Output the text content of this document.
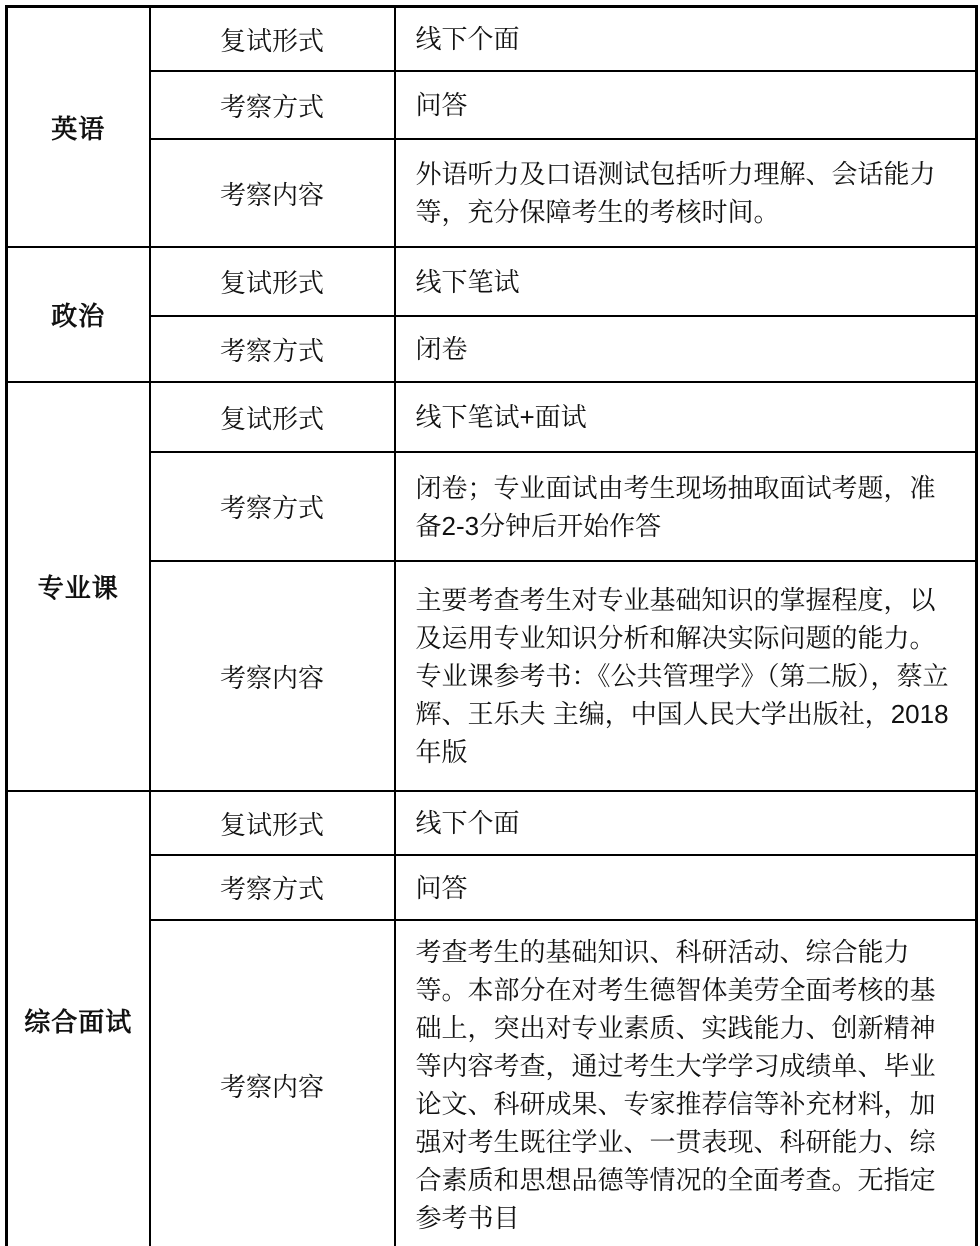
英语	复试形式	线下个面
	考察方式	问答
	考察内容	外语听力及口语测试包括听力理解、会话能力等，充分保障考生的考核时间。
政治	复试形式	线下笔试
	考察方式	闭卷
专业课	复试形式	线下笔试+面试
	考察方式	闭卷；专业面试由考生现场抽取面试考题，准备2-3分钟后开始作答
	考察内容	主要考查考生对专业基础知识的掌握程度，以及运用专业知识分析和解决实际问题的能力。专业课参考书：《公共管理学》（第二版），蔡立辉、王乐夫 主编，中国人民大学出版社，2018年版
综合面试	复试形式	线下个面
	考察方式	问答
	考察内容	考查考生的基础知识、科研活动、综合能力等。本部分在对考生德智体美劳全面考核的基础上，突出对专业素质、实践能力、创新精神等内容考查，通过考生大学学习成绩单、毕业论文、科研成果、专家推荐信等补充材料，加强对考生既往学业、一贯表现、科研能力、综合素质和思想品德等情况的全面考查。无指定参考书目
